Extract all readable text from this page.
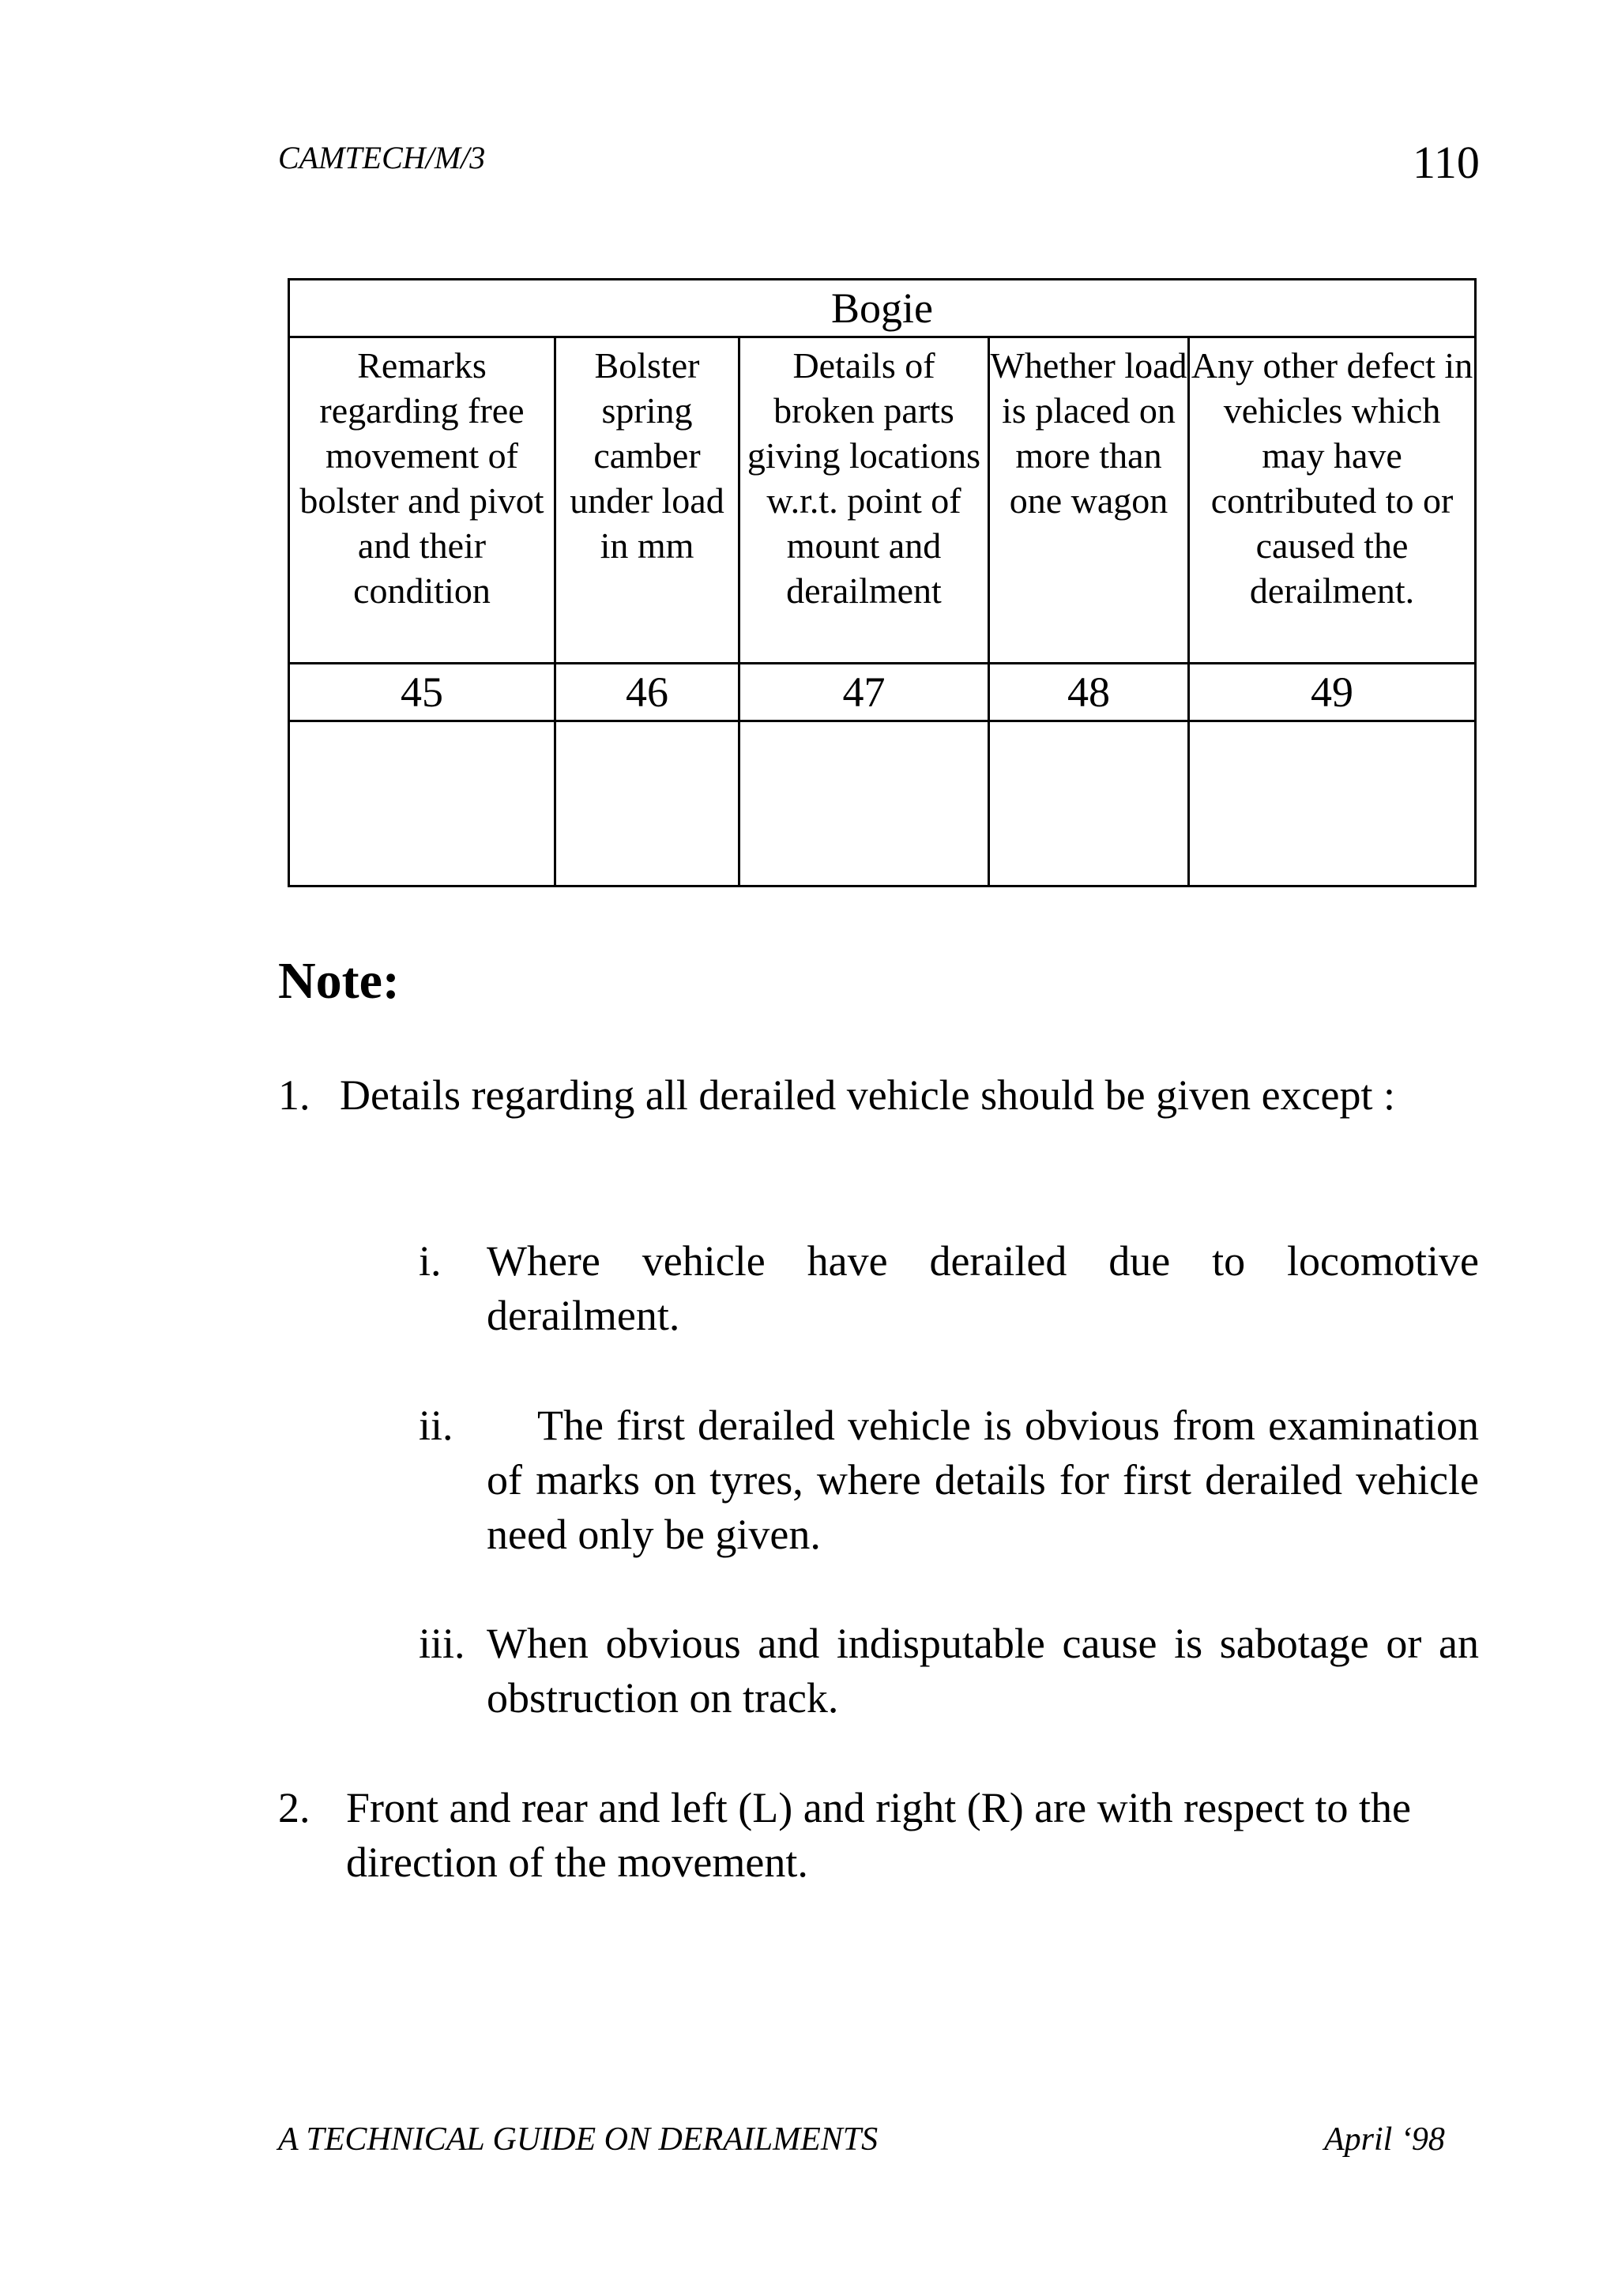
CAMTECH/M/3	110
Bogie				
Remarks regarding free movement of bolster and pivot and their condition	Bolster spring camber under load in mm	Details of broken parts giving locations w.r.t. point of mount and derailment	Whether load is placed on more than one wagon	Any other defect in vehicles which may have contributed to or caused the derailment.
45	46	47	48	49

Note:
1. Details regarding all derailed vehicle should be given except :
i. Where vehicle have derailed due to locomotive derailment.
ii.	The first derailed vehicle is obvious from examination of marks on tyres, where details for first derailed vehicle need only be given.
iii. When obvious and indisputable cause is sabotage or an obstruction on track.
2. Front and rear and left (L) and right (R) are with respect to the direction of the movement.
A TECHNICAL GUIDE ON DERAILMENTS	April ‘98
